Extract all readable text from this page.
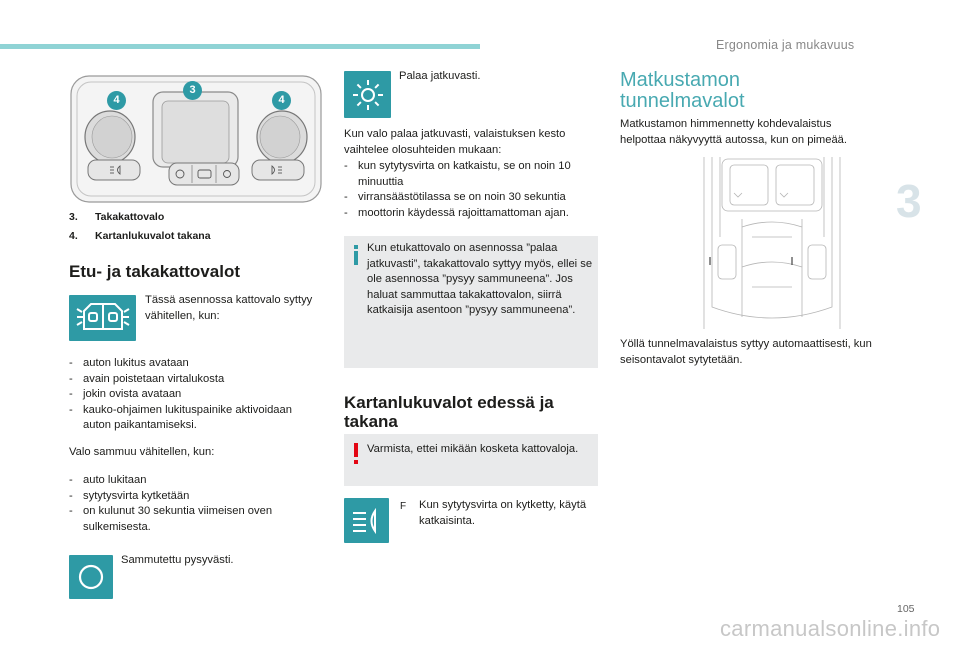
Ergonomia ja mukavuus
3
4
3
4
3. Takakattovalo
4. Kartanlukuvalot takana
Etu- ja takakattovalot
Tässä asennossa kattovalo syttyy vähitellen, kun:
- auton lukitus avataan
- avain poistetaan virtalukosta
- jokin ovista avataan
- kauko-ohjaimen lukituspainike aktivoidaan auton paikantamiseksi.
Valo sammuu vähitellen, kun:
- auto lukitaan
- sytytysvirta kytketään
- on kulunut 30 sekuntia viimeisen oven sulkemisesta.
Sammutettu pysyvästi.
Palaa jatkuvasti.
Kun valo palaa jatkuvasti, valaistuksen kesto vaihtelee olosuhteiden mukaan:
- kun sytytysvirta on katkaistu, se on noin 10 minuuttia
- virransäästötilassa se on noin 30 sekuntia
- moottorin käydessä rajoittamattoman ajan.
Kun etukattovalo on asennossa ”palaa jatkuvasti”, takakattovalo syttyy myös, ellei se ole asennossa ”pysyy sammuneena”. Jos haluat sammuttaa takakattovalon, siirrä katkaisija asentoon ”pysyy sammuneena”.
Kartanlukuvalot edessä ja takana
Varmista, ettei mikään kosketa kattovaloja.
F	Kun sytytysvirta on kytketty, käytä katkaisinta.
Matkustamon
tunnelmavalot
Matkustamon himmennetty kohdevalaistus helpottaa näkyvyyttä autossa, kun on pimeää.
Yöllä tunnelmavalaistus syttyy automaattisesti, kun seisontavalot sytytetään.
105
carmanualsonline.info
